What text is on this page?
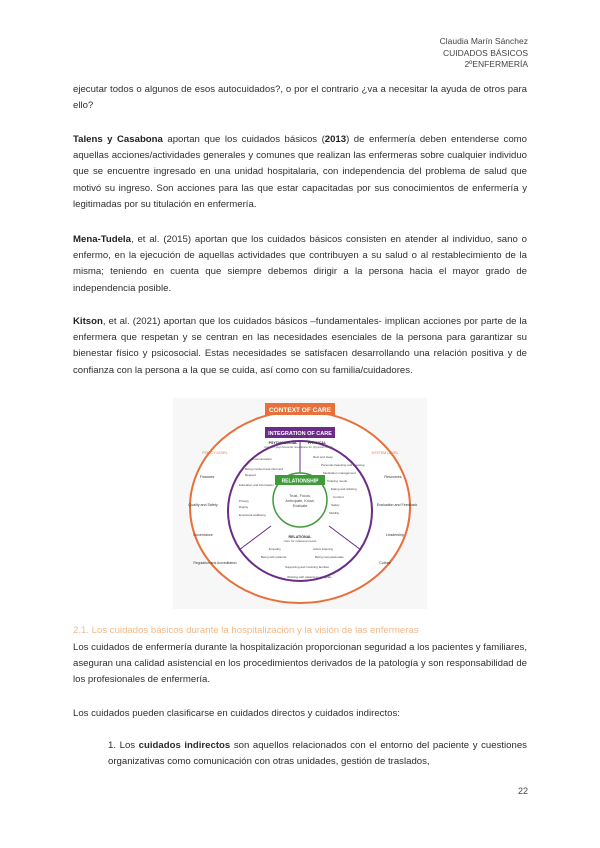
Claudia Marín Sánchez
CUIDADOS BÁSICOS
2ºENFERMERÍA

ejecutar todos o algunos de esos autocuidados?, o por el contrario ¿va a necesitar la ayuda de otros para ello?

Talens y Casabona aportan que los cuidados básicos (2013) de enfermería deben entenderse como aquellas acciones/actividades generales y comunes que realizan las enfermeras sobre cualquier individuo que se encuentre ingresado en una unidad hospitalaria, con independencia del problema de salud que motivó su ingreso. Son acciones para las que estar capacitadas por sus conocimientos de enfermería y legitimadas por su titulación en enfermería.

Mena-Tudela, et al. (2015) aportan que los cuidados básicos consisten en atender al individuo, sano o enfermo, en la ejecución de aquellas actividades que contribuyen a su salud o al restablecimiento de la misma; teniendo en cuenta que siempre debemos dirigir a la persona hacia el mayor grado de independencia posible.

Kitson, et al. (2021) aportan que los cuidados básicos –fundamentales- implican acciones por parte de la enfermera que respetan y se centran en las necesidades esenciales de la persona para garantizar su bienestar físico y psicosocial. Estas necesidades se satisfacen desarrollando una relación positiva y de confianza con la persona a la que se cuida, así como con su familia/cuidadores.

CONTEXT OF CARE
INTEGRATION OF CARE
RELATIONSHIP
Trust, Focus,
Anticipate, Know,
Evaluate
PSYCHOSOCIAL
Care for psychosocial needs
PHYSICAL
Care for physical needs
RELATIONAL
Care for relational needs
POLICY LEVEL	SYSTEM LEVEL
Finances
Quality and Safety
Governance
Regulation and Accreditation
Resources
Evaluation and Feedback
Leadership
Culture
Communication
Being involved and informed
Respect
Education and information
Privacy
Dignity
Emotional wellbeing
Rest and sleep
Personal cleansing and dressing
Medication management
Toileting needs
Eating and drinking
Comfort
Safety
Mobility
Empathy
Being with patients
Supporting and involving families
Active listening
Being compassionate
Working with patients to set goals

2.1. Los cuidados básicos durante la hospitalización y la visión de las enfermeras

Los cuidados de enfermería durante la hospitalización proporcionan seguridad a los pacientes y familiares, aseguran una calidad asistencial en los procedimientos derivados de la patología y son responsabilidad de los profesionales de enfermería.

Los cuidados pueden clasificarse en cuidados directos y cuidados indirectos:

1. Los cuidados indirectos son aquellos relacionados con el entorno del paciente y cuestiones organizativas como comunicación con otras unidades, gestión de traslados,

22
